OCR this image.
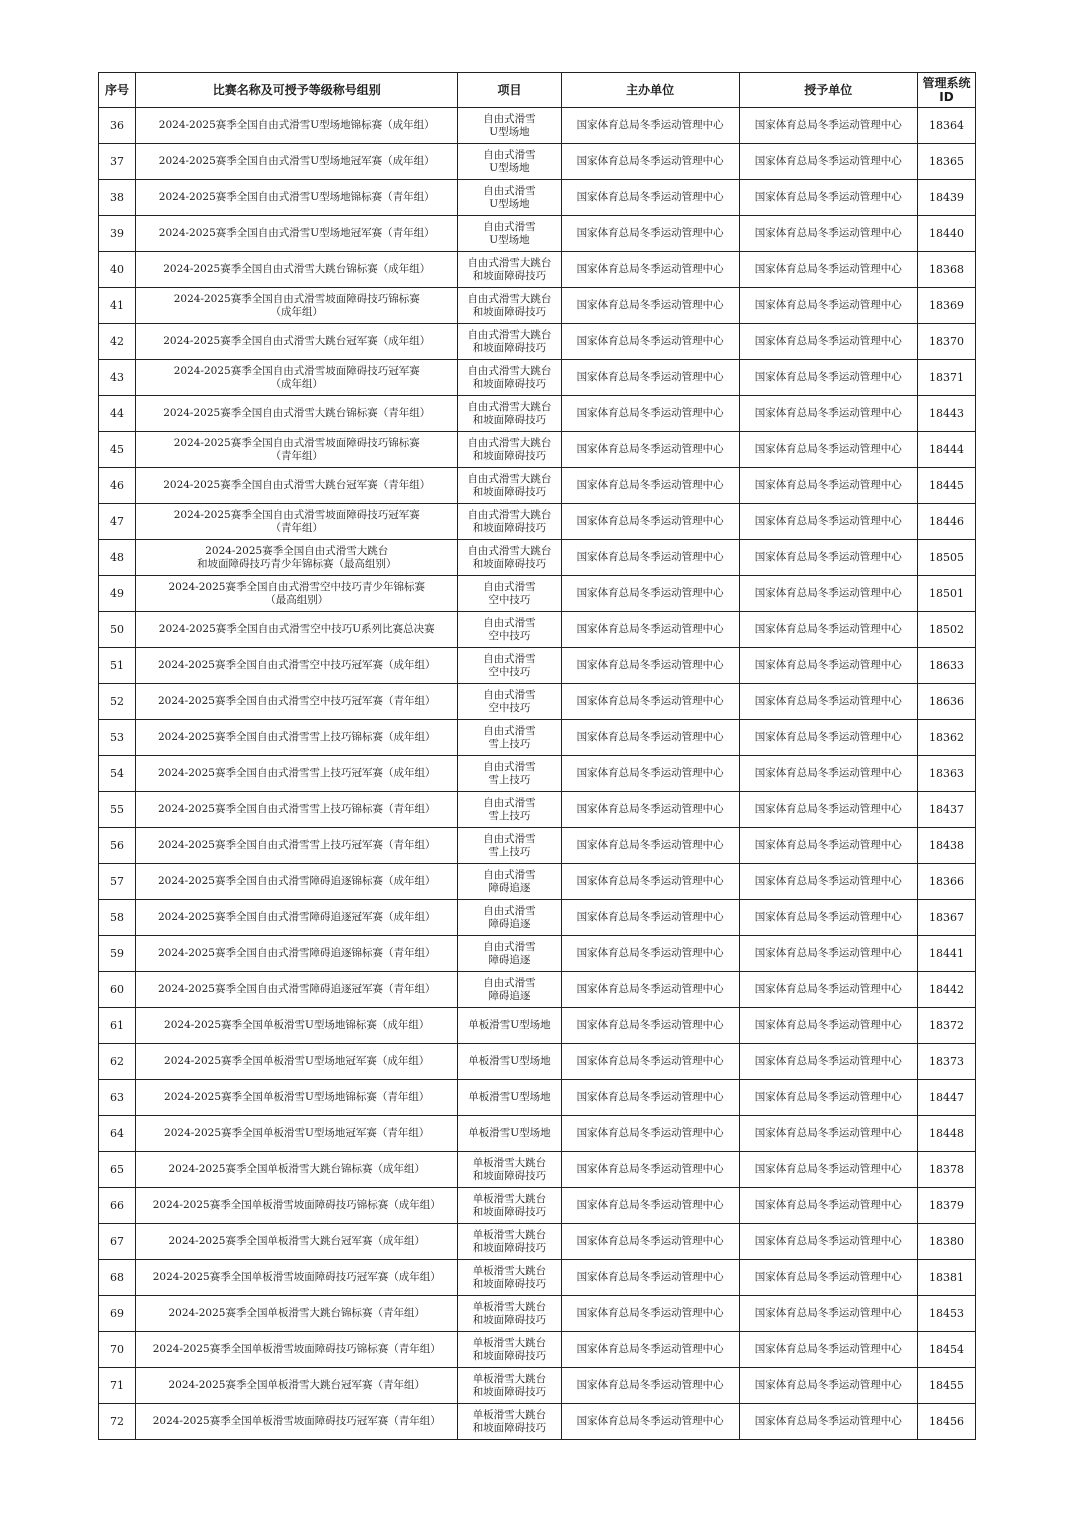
序号	比赛名称及可授予等级称号组别	项目	主办单位	授予单位	管理系统
ID
36	2024-2025赛季全国自由式滑雪U型场地锦标赛（成年组）	自由式滑雪
U型场地	国家体育总局冬季运动管理中心	国家体育总局冬季运动管理中心	18364
37	2024-2025赛季全国自由式滑雪U型场地冠军赛（成年组）	自由式滑雪
U型场地	国家体育总局冬季运动管理中心	国家体育总局冬季运动管理中心	18365
38	2024-2025赛季全国自由式滑雪U型场地锦标赛（青年组）	自由式滑雪
U型场地	国家体育总局冬季运动管理中心	国家体育总局冬季运动管理中心	18439
39	2024-2025赛季全国自由式滑雪U型场地冠军赛（青年组）	自由式滑雪
U型场地	国家体育总局冬季运动管理中心	国家体育总局冬季运动管理中心	18440
40	2024-2025赛季全国自由式滑雪大跳台锦标赛（成年组）	自由式滑雪大跳台
和坡面障碍技巧	国家体育总局冬季运动管理中心	国家体育总局冬季运动管理中心	18368
41	2024-2025赛季全国自由式滑雪坡面障碍技巧锦标赛
（成年组）	自由式滑雪大跳台
和坡面障碍技巧	国家体育总局冬季运动管理中心	国家体育总局冬季运动管理中心	18369
42	2024-2025赛季全国自由式滑雪大跳台冠军赛（成年组）	自由式滑雪大跳台
和坡面障碍技巧	国家体育总局冬季运动管理中心	国家体育总局冬季运动管理中心	18370
43	2024-2025赛季全国自由式滑雪坡面障碍技巧冠军赛
（成年组）	自由式滑雪大跳台
和坡面障碍技巧	国家体育总局冬季运动管理中心	国家体育总局冬季运动管理中心	18371
44	2024-2025赛季全国自由式滑雪大跳台锦标赛（青年组）	自由式滑雪大跳台
和坡面障碍技巧	国家体育总局冬季运动管理中心	国家体育总局冬季运动管理中心	18443
45	2024-2025赛季全国自由式滑雪坡面障碍技巧锦标赛
（青年组）	自由式滑雪大跳台
和坡面障碍技巧	国家体育总局冬季运动管理中心	国家体育总局冬季运动管理中心	18444
46	2024-2025赛季全国自由式滑雪大跳台冠军赛（青年组）	自由式滑雪大跳台
和坡面障碍技巧	国家体育总局冬季运动管理中心	国家体育总局冬季运动管理中心	18445
47	2024-2025赛季全国自由式滑雪坡面障碍技巧冠军赛
（青年组）	自由式滑雪大跳台
和坡面障碍技巧	国家体育总局冬季运动管理中心	国家体育总局冬季运动管理中心	18446
48	2024-2025赛季全国自由式滑雪大跳台
和坡面障碍技巧青少年锦标赛（最高组别）	自由式滑雪大跳台
和坡面障碍技巧	国家体育总局冬季运动管理中心	国家体育总局冬季运动管理中心	18505
49	2024-2025赛季全国自由式滑雪空中技巧青少年锦标赛
（最高组别）	自由式滑雪
空中技巧	国家体育总局冬季运动管理中心	国家体育总局冬季运动管理中心	18501
50	2024-2025赛季全国自由式滑雪空中技巧U系列比赛总决赛	自由式滑雪
空中技巧	国家体育总局冬季运动管理中心	国家体育总局冬季运动管理中心	18502
51	2024-2025赛季全国自由式滑雪空中技巧冠军赛（成年组）	自由式滑雪
空中技巧	国家体育总局冬季运动管理中心	国家体育总局冬季运动管理中心	18633
52	2024-2025赛季全国自由式滑雪空中技巧冠军赛（青年组）	自由式滑雪
空中技巧	国家体育总局冬季运动管理中心	国家体育总局冬季运动管理中心	18636
53	2024-2025赛季全国自由式滑雪雪上技巧锦标赛（成年组）	自由式滑雪
雪上技巧	国家体育总局冬季运动管理中心	国家体育总局冬季运动管理中心	18362
54	2024-2025赛季全国自由式滑雪雪上技巧冠军赛（成年组）	自由式滑雪
雪上技巧	国家体育总局冬季运动管理中心	国家体育总局冬季运动管理中心	18363
55	2024-2025赛季全国自由式滑雪雪上技巧锦标赛（青年组）	自由式滑雪
雪上技巧	国家体育总局冬季运动管理中心	国家体育总局冬季运动管理中心	18437
56	2024-2025赛季全国自由式滑雪雪上技巧冠军赛（青年组）	自由式滑雪
雪上技巧	国家体育总局冬季运动管理中心	国家体育总局冬季运动管理中心	18438
57	2024-2025赛季全国自由式滑雪障碍追逐锦标赛（成年组）	自由式滑雪
障碍追逐	国家体育总局冬季运动管理中心	国家体育总局冬季运动管理中心	18366
58	2024-2025赛季全国自由式滑雪障碍追逐冠军赛（成年组）	自由式滑雪
障碍追逐	国家体育总局冬季运动管理中心	国家体育总局冬季运动管理中心	18367
59	2024-2025赛季全国自由式滑雪障碍追逐锦标赛（青年组）	自由式滑雪
障碍追逐	国家体育总局冬季运动管理中心	国家体育总局冬季运动管理中心	18441
60	2024-2025赛季全国自由式滑雪障碍追逐冠军赛（青年组）	自由式滑雪
障碍追逐	国家体育总局冬季运动管理中心	国家体育总局冬季运动管理中心	18442
61	2024-2025赛季全国单板滑雪U型场地锦标赛（成年组）	单板滑雪U型场地	国家体育总局冬季运动管理中心	国家体育总局冬季运动管理中心	18372
62	2024-2025赛季全国单板滑雪U型场地冠军赛（成年组）	单板滑雪U型场地	国家体育总局冬季运动管理中心	国家体育总局冬季运动管理中心	18373
63	2024-2025赛季全国单板滑雪U型场地锦标赛（青年组）	单板滑雪U型场地	国家体育总局冬季运动管理中心	国家体育总局冬季运动管理中心	18447
64	2024-2025赛季全国单板滑雪U型场地冠军赛（青年组）	单板滑雪U型场地	国家体育总局冬季运动管理中心	国家体育总局冬季运动管理中心	18448
65	2024-2025赛季全国单板滑雪大跳台锦标赛（成年组）	单板滑雪大跳台
和坡面障碍技巧	国家体育总局冬季运动管理中心	国家体育总局冬季运动管理中心	18378
66	2024-2025赛季全国单板滑雪坡面障碍技巧锦标赛（成年组）	单板滑雪大跳台
和坡面障碍技巧	国家体育总局冬季运动管理中心	国家体育总局冬季运动管理中心	18379
67	2024-2025赛季全国单板滑雪大跳台冠军赛（成年组）	单板滑雪大跳台
和坡面障碍技巧	国家体育总局冬季运动管理中心	国家体育总局冬季运动管理中心	18380
68	2024-2025赛季全国单板滑雪坡面障碍技巧冠军赛（成年组）	单板滑雪大跳台
和坡面障碍技巧	国家体育总局冬季运动管理中心	国家体育总局冬季运动管理中心	18381
69	2024-2025赛季全国单板滑雪大跳台锦标赛（青年组）	单板滑雪大跳台
和坡面障碍技巧	国家体育总局冬季运动管理中心	国家体育总局冬季运动管理中心	18453
70	2024-2025赛季全国单板滑雪坡面障碍技巧锦标赛（青年组）	单板滑雪大跳台
和坡面障碍技巧	国家体育总局冬季运动管理中心	国家体育总局冬季运动管理中心	18454
71	2024-2025赛季全国单板滑雪大跳台冠军赛（青年组）	单板滑雪大跳台
和坡面障碍技巧	国家体育总局冬季运动管理中心	国家体育总局冬季运动管理中心	18455
72	2024-2025赛季全国单板滑雪坡面障碍技巧冠军赛（青年组）	单板滑雪大跳台
和坡面障碍技巧	国家体育总局冬季运动管理中心	国家体育总局冬季运动管理中心	18456
